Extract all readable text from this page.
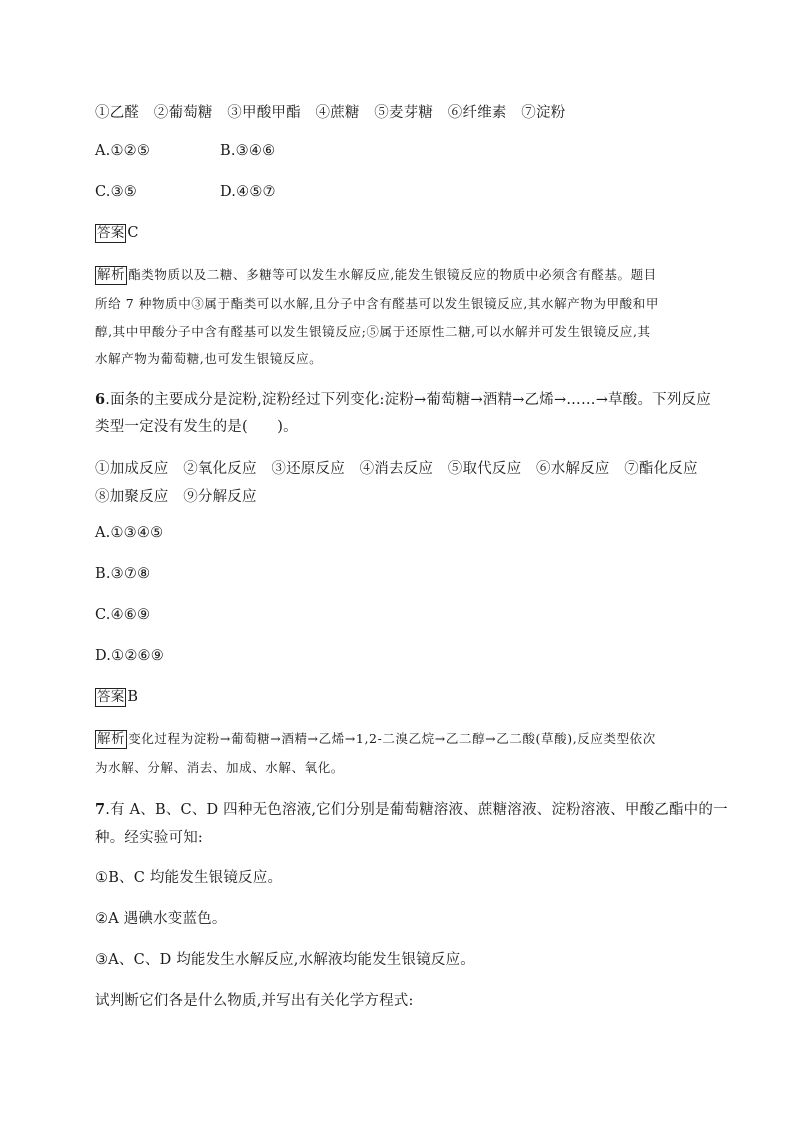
①乙醛　②葡萄糖　③甲酸甲酯　④蔗糖　⑤麦芽糖　⑥纤维素　⑦淀粉
A.①②⑤	B.③④⑥
C.③⑤	D.④⑤⑦
答案 C
解析 酯类物质以及二糖、多糖等可以发生水解反应,能发生银镜反应的物质中必须含有醛基。题目
所给 7 种物质中③属于酯类可以水解,且分子中含有醛基可以发生银镜反应,其水解产物为甲酸和甲
醇,其中甲酸分子中含有醛基可以发生银镜反应;⑤属于还原性二糖,可以水解并可发生银镜反应,其
水解产物为葡萄糖,也可发生银镜反应。
6.面条的主要成分是淀粉,淀粉经过下列变化:淀粉→葡萄糖→酒精→乙烯→……→草酸。下列反应
类型一定没有发生的是(　　)。
①加成反应　②氧化反应　③还原反应　④消去反应　⑤取代反应　⑥水解反应　⑦酯化反应
⑧加聚反应　⑨分解反应
A.①③④⑤
B.③⑦⑧
C.④⑥⑨
D.①②⑥⑨
答案 B
解析 变化过程为淀粉→葡萄糖→酒精→乙烯→1,2-二溴乙烷→乙二醇→乙二酸(草酸),反应类型依次
为水解、分解、消去、加成、水解、氧化。
7.有 A、B、C、D 四种无色溶液,它们分别是葡萄糖溶液、蔗糖溶液、淀粉溶液、甲酸乙酯中的一
种。经实验可知:
①B、C 均能发生银镜反应。
②A 遇碘水变蓝色。
③A、C、D 均能发生水解反应,水解液均能发生银镜反应。
试判断它们各是什么物质,并写出有关化学方程式:
